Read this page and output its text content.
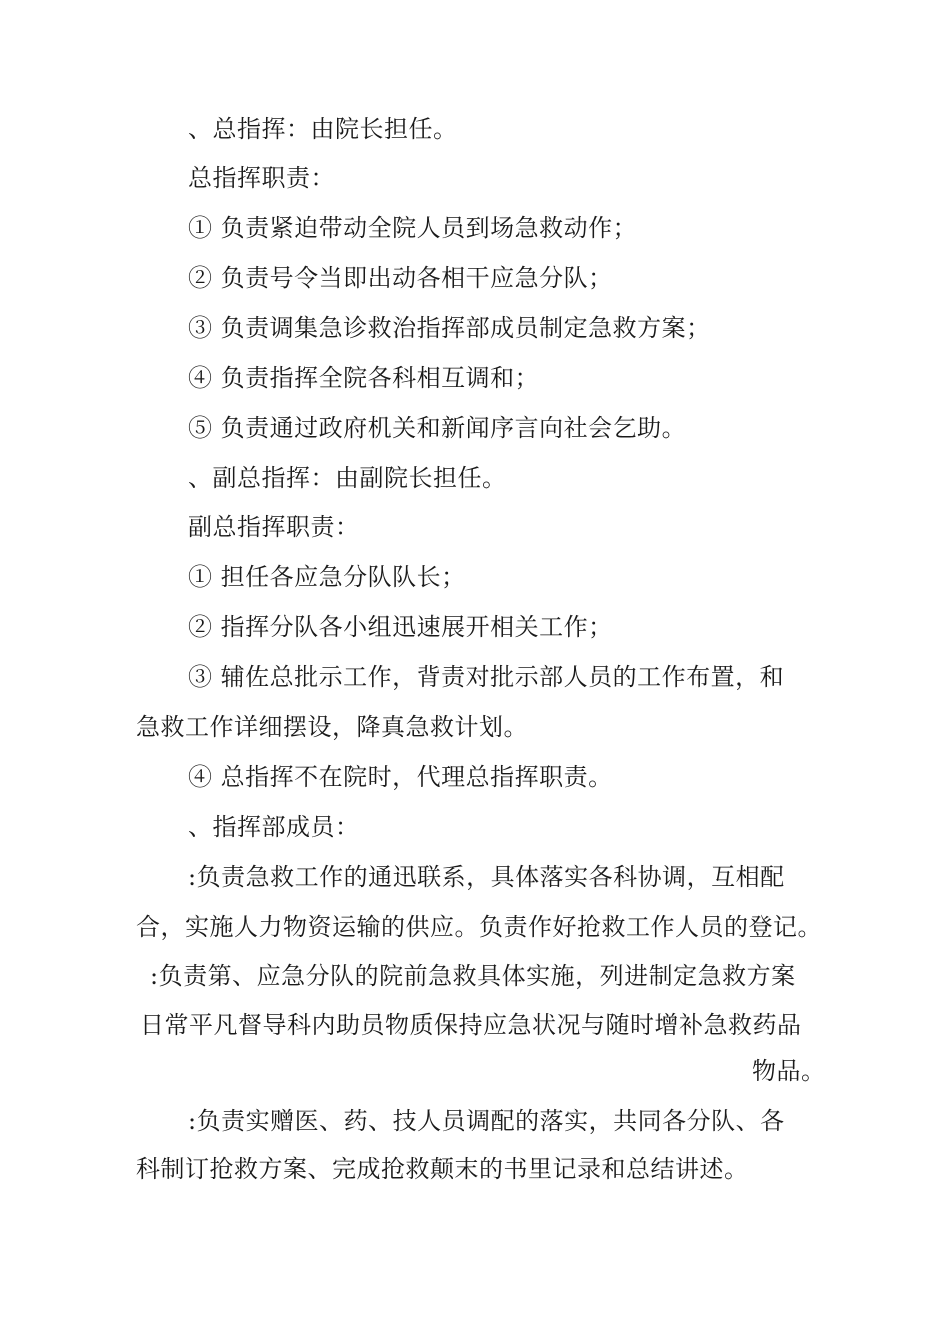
、总指挥：由院长担任。
总指挥职责：
① 负责紧迫带动全院人员到场急救动作；
② 负责号令当即出动各相干应急分队；
③ 负责调集急诊救治指挥部成员制定急救方案；
④ 负责指挥全院各科相互调和；
⑤ 负责通过政府机关和新闻序言向社会乞助。
、副总指挥：由副院长担任。
副总指挥职责：
① 担任各应急分队队长；
② 指挥分队各小组迅速展开相关工作；
③ 辅佐总批示工作，背责对批示部人员的工作布置，和
急救工作详细摆设，降真急救计划。
④ 总指挥不在院时，代理总指挥职责。
、指挥部成员：
:负责急救工作的通迅联系，具体落实各科协调，互相配
合，实施人力物资运输的供应。负责作好抢救工作人员的登记。
:负责第、应急分队的院前急救具体实施，列进制定急救方案
日常平凡督导科内助员物质保持应急状况与随时增补急救药品
物品。
:负责实赠医、药、技人员调配的落实，共同各分队、各
科制订抢救方案、完成抢救颠末的书里记录和总结讲述。
